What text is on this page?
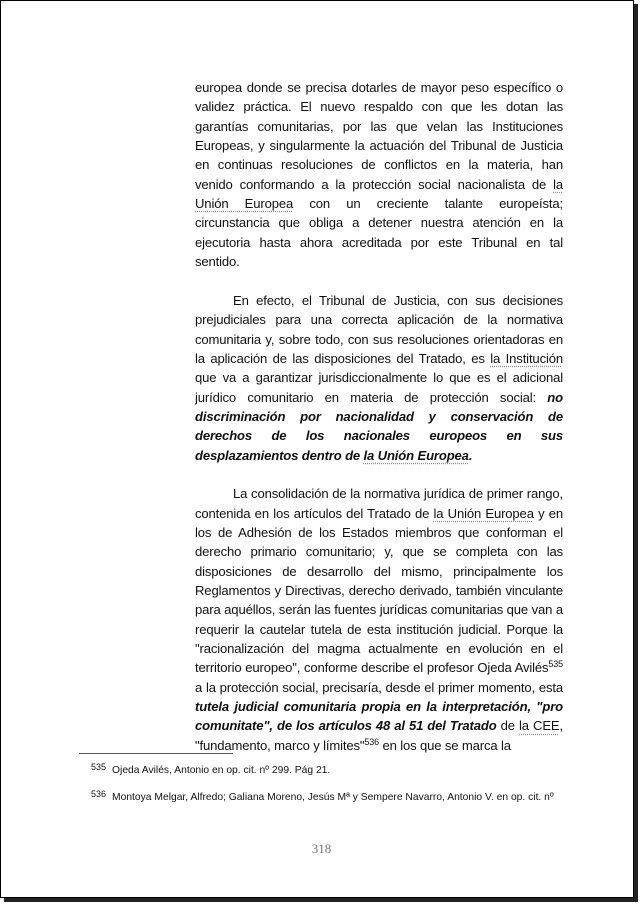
europea donde se precisa dotarles de mayor peso específico o validez práctica. El nuevo respaldo con que les dotan las garantías comunitarias, por las que velan las Instituciones Europeas, y singularmente la actuación del Tribunal de Justicia en continuas resoluciones de conflictos en la materia, han venido conformando a la protección social nacionalista de la Unión Europea con un creciente talante europeísta; circunstancia que obliga a detener nuestra atención en la ejecutoria hasta ahora acreditada por este Tribunal en tal sentido.

En efecto, el Tribunal de Justicia, con sus decisiones prejudiciales para una correcta aplicación de la normativa comunitaria y, sobre todo, con sus resoluciones orientadoras en la aplicación de las disposiciones del Tratado, es la Institución que va a garantizar jurisdiccionalmente lo que es el adicional jurídico comunitario en materia de protección social: no discriminación por nacionalidad y conservación de derechos de los nacionales europeos en sus desplazamientos dentro de la Unión Europea.

La consolidación de la normativa jurídica de primer rango, contenida en los artículos del Tratado de la Unión Europea y en los de Adhesión de los Estados miembros que conforman el derecho primario comunitario; y, que se completa con las disposiciones de desarrollo del mismo, principalmente los Reglamentos y Directivas, derecho derivado, también vinculante para aquéllos, serán las fuentes jurídicas comunitarias que van a requerir la cautelar tutela de esta institución judicial. Porque la "racionalización del magma actualmente en evolución en el territorio europeo", conforme describe el profesor Ojeda Avilés$^{535}$ a la protección social, precisaría, desde el primer momento, esta tutela judicial comunitaria propia en la interpretación, "pro comunitate", de los artículos 48 al 51 del Tratado de la CEE, "fundamento, marco y límites"$^{536}$ en los que se marca la

535 Ojeda Avilés, Antonio en op. cit. nº 299. Pág 21.
536 Montoya Melgar, Alfredo; Galiana Moreno, Jesús Mª y Sempere Navarro, Antonio V. en op. cit. nº
318
